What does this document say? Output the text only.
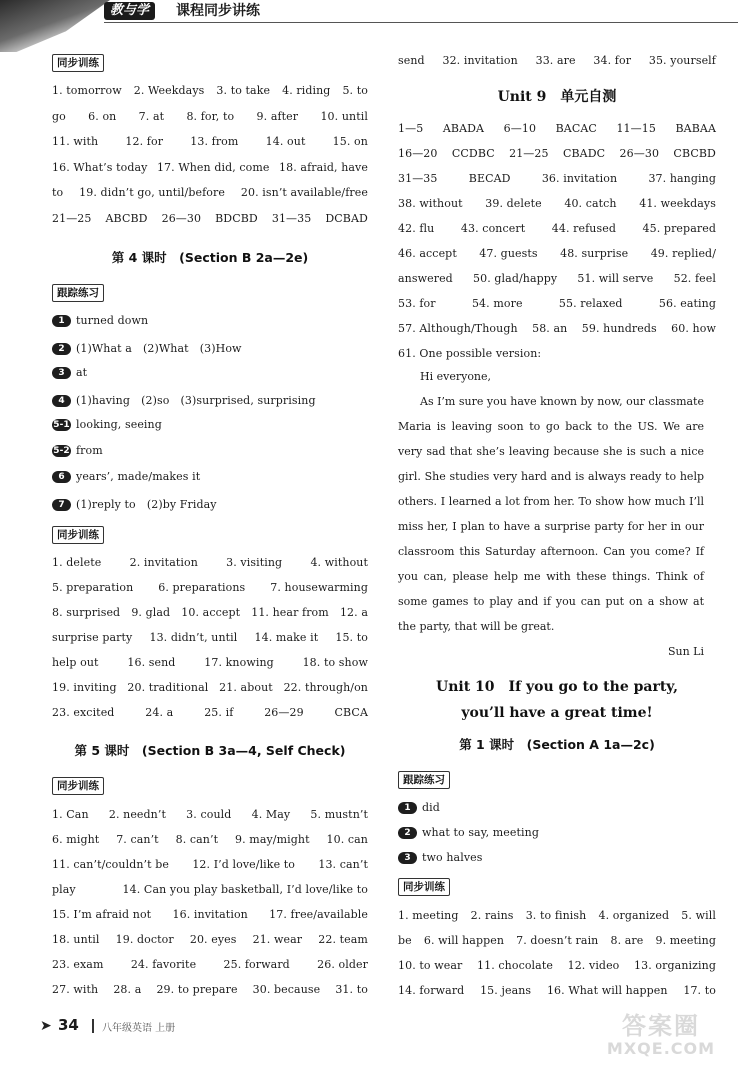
教与学	课程同步讲练
同步训练
1. tomorrow 2. Weekdays 3. to take 4. riding 5. to
go 6. on 7. at 8. for, to 9. after 10. until
11. with 12. for 13. from 14. out 15. on
16. What’s today 17. When did, come 18. afraid, have
to 19. didn’t go, until/before 20. isn’t available/free
21—25 ABCBD 26—30 BDCBD 31—35 DCBAD
第 4 课时　(Section B 2a—2e)
跟踪练习
1 turned down
2 (1)What a　(2)What　(3)How
3 at
4 (1)having　(2)so　(3)surprised, surprising
5-1 looking, seeing
5-2 from
6 years’, made/makes it
7 (1)reply to　(2)by Friday
同步训练
1. delete	2. invitation	3. visiting	4. without
5. preparation 6. preparations 7. housewarming
8. surprised 9. glad 10. accept 11. hear from 12. a
surprise party 13. didn’t, until 14. make it 15. to
help out	16. send	17. knowing	18. to show
19. inviting 20. traditional 21. about 22. through/on
23. excited	24. a	25. if	26—29	CBCA
第 5 课时　(Section B 3a—4, Self Check)
同步训练
1. Can 2. needn’t 3. could 4. May 5. mustn’t
6. might 7. can’t 8. can’t 9. may/might 10. can
11. can’t/couldn’t be 12. I’d love/like to 13. can’t
play	14. Can you play basketball, I’d love/like to
15. I’m afraid not 16. invitation 17. free/available
18. until 19. doctor 20. eyes 21. wear 22. team
23. exam 24. favorite 25. forward 26. older
27. with 28. a 29. to prepare 30. because 31. to
send 32. invitation 33. are 34. for 35. yourself
Unit 9　单元自测
1—5 ABADA 6—10 BACAC 11—15 BABAA
16—20 CCDBC 21—25 CBADC 26—30 CBCBD
31—35	BECAD	36. invitation	37. hanging
38. without 39. delete 40. catch 41. weekdays
42. flu 43. concert 44. refused 45. prepared
46. accept 47. guests 48. surprise 49. replied/
answered 50. glad/happy 51. will serve 52. feel
53. for	54. more	55. relaxed	56. eating
57. Although/Though 58. an 59. hundreds 60. how
61. One possible version:

Hi everyone,

As I’m sure you have known by now, our classmate Maria is leaving soon to go back to the US. We are very sad that she’s leaving because she is such a nice girl. She studies very hard and is always ready to help others. I learned a lot from her. To show how much I’ll miss her, I plan to have a surprise party for her in our classroom this Saturday afternoon. Can you come? If you can, please help me with these things. Think of some games to play and if you can put on a show at the party, that will be great.

Sun Li

Unit 10　If you go to the party,
you’ll have a great time!
第 1 课时　(Section A 1a—2c)
跟踪练习
1 did
2 what to say, meeting
3 two halves
同步训练
1. meeting 2. rains 3. to finish 4. organized 5. will
be 6. will happen 7. doesn’t rain 8. are 9. meeting
10. to wear 11. chocolate 12. video 13. organizing
14. forward 15. jeans 16. What will happen 17. to
➤ 34 八年级英语 上册	答案圈
MXQE.COM
